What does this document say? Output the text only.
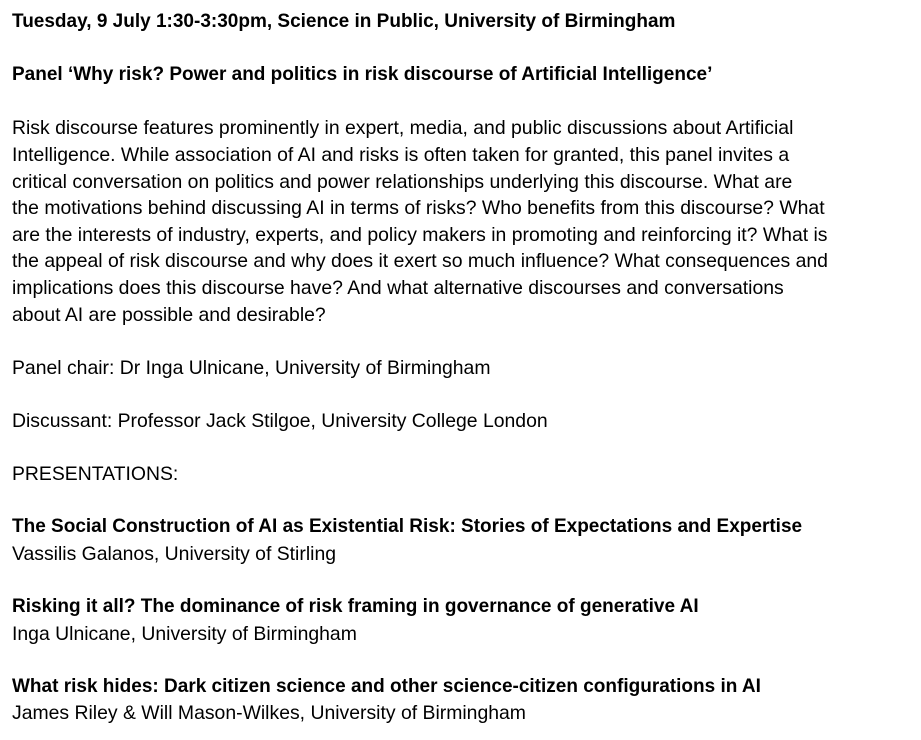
Tuesday, 9 July 1:30-3:30pm, Science in Public, University of Birmingham

Panel ‘Why risk? Power and politics in risk discourse of Artificial Intelligence’

Risk discourse features prominently in expert, media, and public discussions about Artificial

Intelligence. While association of AI and risks is often taken for granted, this panel invites a

critical conversation on politics and power relationships underlying this discourse. What are

the motivations behind discussing AI in terms of risks? Who benefits from this discourse? What

are the interests of industry, experts, and policy makers in promoting and reinforcing it? What is

the appeal of risk discourse and why does it exert so much influence? What consequences and

implications does this discourse have? And what alternative discourses and conversations

about AI are possible and desirable?

Panel chair: Dr Inga Ulnicane, University of Birmingham

Discussant: Professor Jack Stilgoe, University College London

PRESENTATIONS:

The Social Construction of AI as Existential Risk: Stories of Expectations and Expertise

Vassilis Galanos, University of Stirling

Risking it all? The dominance of risk framing in governance of generative AI

Inga Ulnicane, University of Birmingham

What risk hides: Dark citizen science and other science-citizen configurations in AI

James Riley & Will Mason-Wilkes, University of Birmingham
